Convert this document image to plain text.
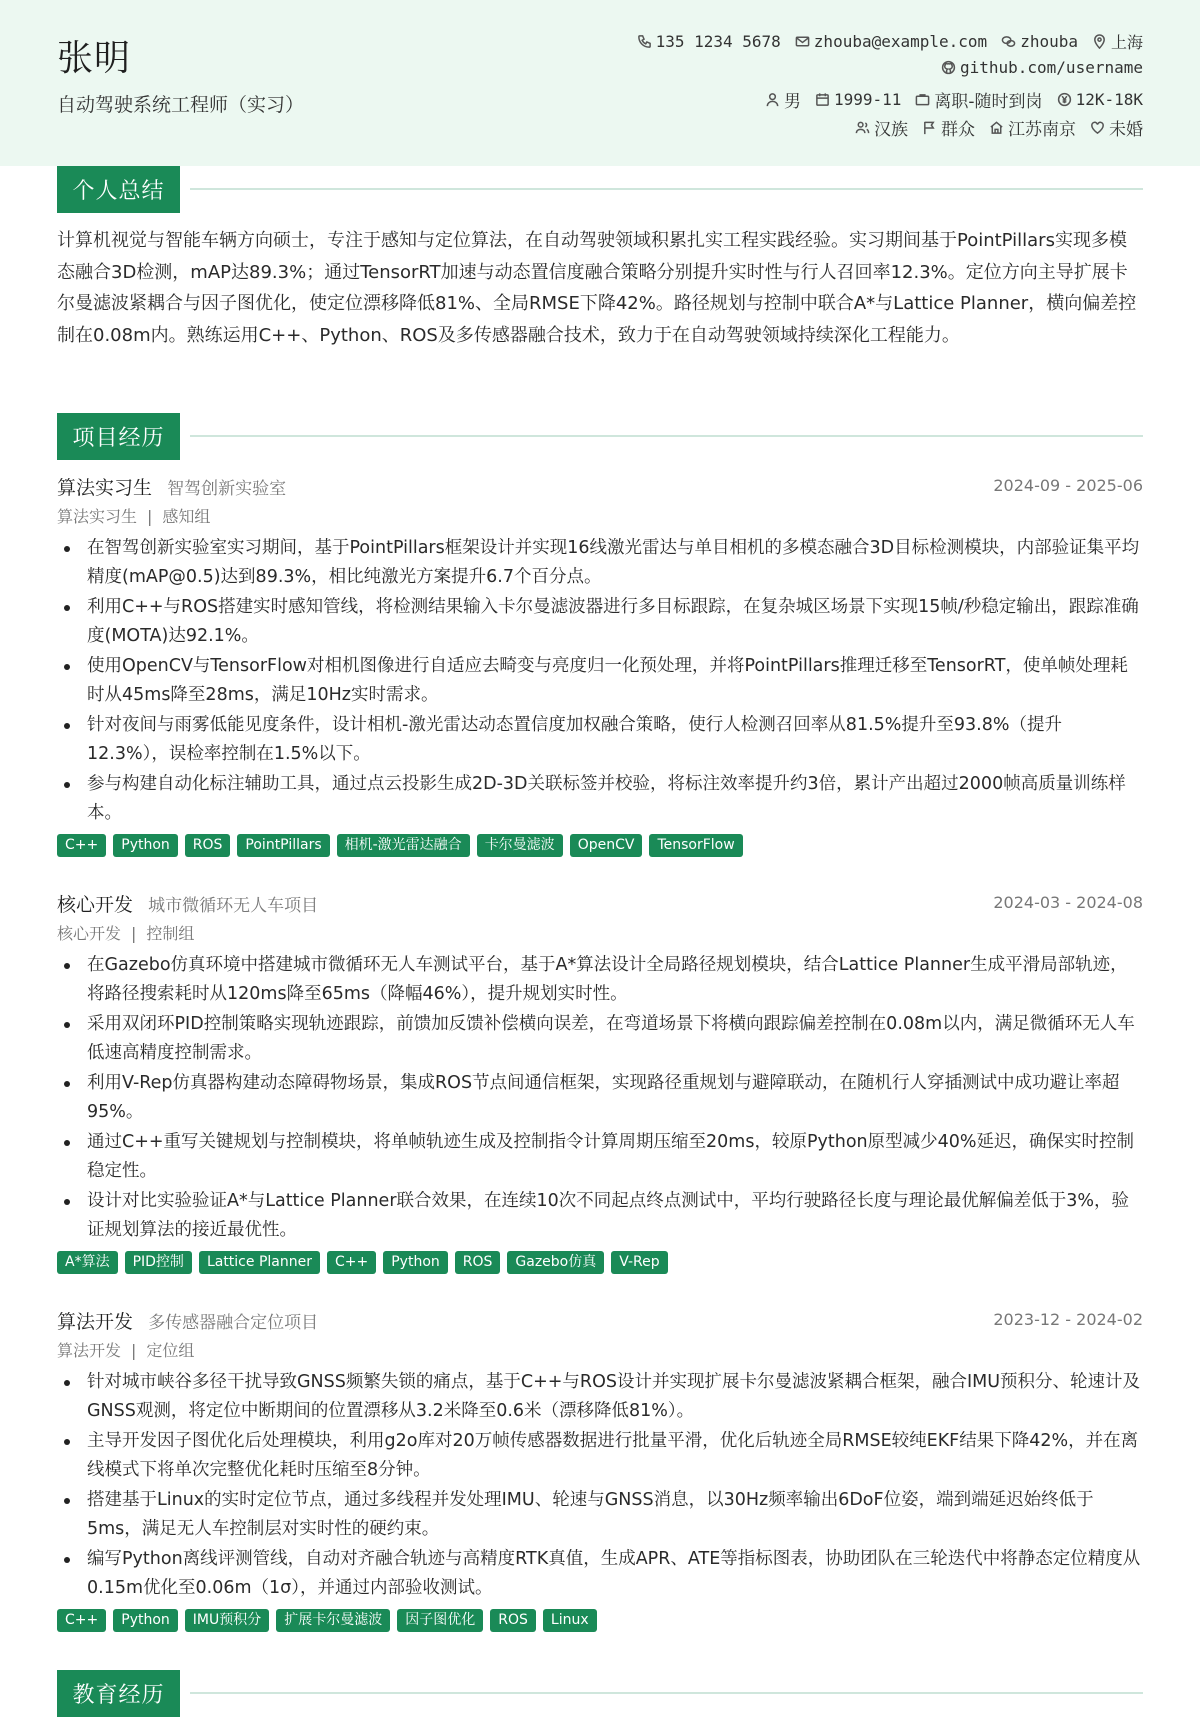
张明
自动驾驶系统工程师（实习）
135 1234 5678 zhouba@example.com zhouba 上海
github.com/username
男 1999-11 离职-随时到岗 12K-18K
汉族 群众 江苏南京 未婚
个人总结
计算机视觉与智能车辆方向硕士，专注于感知与定位算法，在自动驾驶领域积累扎实工程实践经验。实习期间基于PointPillars实现多模态融合3D检测，mAP达89.3%；通过TensorRT加速与动态置信度融合策略分别提升实时性与行人召回率12.3%。定位方向主导扩展卡尔曼滤波紧耦合与因子图优化，使定位漂移降低81%、全局RMSE下降42%。路径规划与控制中联合A*与Lattice Planner，横向偏差控制在0.08m内。熟练运用C++、Python、ROS及多传感器融合技术，致力于在自动驾驶领域持续深化工程能力。
项目经历
算法实习生 智驾创新实验室	2024-09 - 2025-06
算法实习生 | 感知组
在智驾创新实验室实习期间，基于PointPillars框架设计并实现16线激光雷达与单目相机的多模态融合3D目标检测模块，内部验证集平均精度(mAP@0.5)达到89.3%，相比纯激光方案提升6.7个百分点。
利用C++与ROS搭建实时感知管线，将检测结果输入卡尔曼滤波器进行多目标跟踪，在复杂城区场景下实现15帧/秒稳定输出，跟踪准确度(MOTA)达92.1%。
使用OpenCV与TensorFlow对相机图像进行自适应去畸变与亮度归一化预处理，并将PointPillars推理迁移至TensorRT，使单帧处理耗时从45ms降至28ms，满足10Hz实时需求。
针对夜间与雨雾低能见度条件，设计相机-激光雷达动态置信度加权融合策略，使行人检测召回率从81.5%提升至93.8%（提升12.3%），误检率控制在1.5%以下。
参与构建自动化标注辅助工具，通过点云投影生成2D-3D关联标签并校验，将标注效率提升约3倍，累计产出超过2000帧高质量训练样本。
C++	Python	ROS	PointPillars	相机-激光雷达融合	卡尔曼滤波	OpenCV	TensorFlow
核心开发 城市微循环无人车项目	2024-03 - 2024-08
核心开发 | 控制组
在Gazebo仿真环境中搭建城市微循环无人车测试平台，基于A*算法设计全局路径规划模块，结合Lattice Planner生成平滑局部轨迹，将路径搜索耗时从120ms降至65ms（降幅46%），提升规划实时性。
采用双闭环PID控制策略实现轨迹跟踪，前馈加反馈补偿横向误差，在弯道场景下将横向跟踪偏差控制在0.08m以内，满足微循环无人车低速高精度控制需求。
利用V-Rep仿真器构建动态障碍物场景，集成ROS节点间通信框架，实现路径重规划与避障联动，在随机行人穿插测试中成功避让率超95%。
通过C++重写关键规划与控制模块，将单帧轨迹生成及控制指令计算周期压缩至20ms，较原Python原型减少40%延迟，确保实时控制稳定性。
设计对比实验验证A*与Lattice Planner联合效果，在连续10次不同起点终点测试中，平均行驶路径长度与理论最优解偏差低于3%，验证规划算法的接近最优性。
A*算法	PID控制	Lattice Planner	C++	Python	ROS	Gazebo仿真	V-Rep
算法开发 多传感器融合定位项目	2023-12 - 2024-02
算法开发 | 定位组
针对城市峡谷多径干扰导致GNSS频繁失锁的痛点，基于C++与ROS设计并实现扩展卡尔曼滤波紧耦合框架，融合IMU预积分、轮速计及GNSS观测，将定位中断期间的位置漂移从3.2米降至0.6米（漂移降低81%）。
主导开发因子图优化后处理模块，利用g2o库对20万帧传感器数据进行批量平滑，优化后轨迹全局RMSE较纯EKF结果下降42%，并在离线模式下将单次完整优化耗时压缩至8分钟。
搭建基于Linux的实时定位节点，通过多线程并发处理IMU、轮速与GNSS消息，以30Hz频率输出6DoF位姿，端到端延迟始终低于5ms，满足无人车控制层对实时性的硬约束。
编写Python离线评测管线，自动对齐融合轨迹与高精度RTK真值，生成APR、ATE等指标图表，协助团队在三轮迭代中将静态定位精度从0.15m优化至0.06m（1σ），并通过内部验收测试。
C++	Python	IMU预积分	扩展卡尔曼滤波	因子图优化	ROS	Linux
教育经历
